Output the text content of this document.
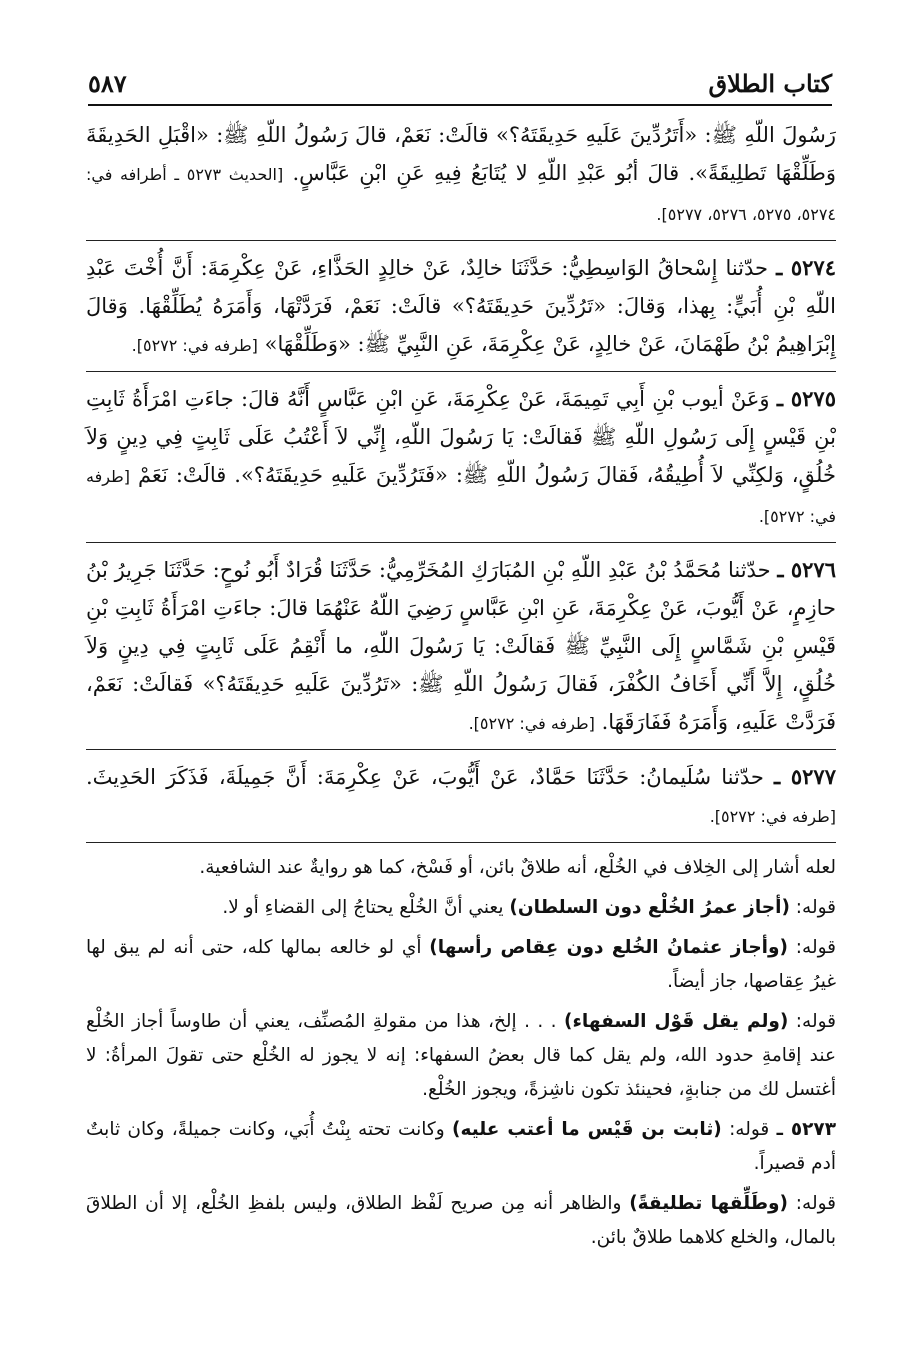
كتاب الطلاق
٥٨٧

رَسُولَ اللّهِ ﷺ: «أَتَرُدِّينَ عَلَيهِ حَدِيقَتَهُ؟» قالَتْ: نَعَمْ، قالَ رَسُولُ اللّهِ ﷺ: «اقْبَلِ الحَدِيقَةَ وَطَلِّقْهَا تَطلِيقَةً». قالَ أبُو عَبْدِ اللّهِ لا يُتَابَعُ فِيهِ عَنِ ابْنِ عَبَّاسٍ. [الحديث ٥٢٧٣ ـ أطرافه في: ٥٢٧٤، ٥٢٧٥، ٥٢٧٦، ٥٢٧٧].

٥٢٧٤ ـ حدّثنا إِسْحاقُ الوَاسِطِيُّ: حَدَّثَنَا خالِدٌ، عَنْ خالِدٍ الحَذَّاءِ، عَنْ عِكْرِمَةَ: أَنَّ أُخْتَ عَبْدِ اللّهِ بْنِ أُبَيٍّ: بِهذا، وَقالَ: «تَرُدِّينَ حَدِيقَتَهُ؟» قالَتْ: نَعَمْ، فَرَدَّتْهَا، وَأَمَرَهُ يُطَلِّقْهَا. وَقالَ إِبْرَاهِيمُ بْنُ طَهْمَانَ، عَنْ خالِدٍ، عَنْ عِكْرِمَةَ، عَنِ النَّبِيِّ ﷺ: «وَطَلِّقْهَا» [طرفه في: ٥٢٧٢].

٥٢٧٥ ـ وَعَنْ أيوب بْنِ أَبِي تَمِيمَةَ، عَنْ عِكْرِمَةَ، عَنِ ابْنِ عَبَّاسٍ أَنَّهُ قالَ: جاءَتِ امْرَأَةُ ثَابِتِ بْنِ قَيْسٍ إِلَى رَسُولِ اللّهِ ﷺ فَقالَتْ: يَا رَسُولَ اللّهِ، إِنِّي لاَ أَعْتُبُ عَلَى ثَابِتٍ فِي دِينٍ وَلاَ خُلُقٍ، وَلكِنِّي لاَ أُطِيقُهُ، فَقالَ رَسُولُ اللّهِ ﷺ: «فَتَرُدِّينَ عَلَيهِ حَدِيقَتَهُ؟». قالَتْ: نَعَمْ [طرفه في: ٥٢٧٢].

٥٢٧٦ ـ حدّثنا مُحَمَّدُ بْنُ عَبْدِ اللّهِ بْنِ المُبَارَكِ المُخَرِّمِيُّ: حَدَّثَنَا قُرَادٌ أَبُو نُوحٍ: حَدَّثَنَا جَرِيرُ بْنُ حازِمٍ، عَنْ أَيُّوبَ، عَنْ عِكْرِمَةَ، عَنِ ابْنِ عَبَّاسٍ رَضِيَ اللّهُ عَنْهُمَا قالَ: جاءَتِ امْرَأَةُ ثَابِتِ بْنِ قَيْسِ بْنِ شَمَّاسٍ إِلَى النَّبِيِّ ﷺ فَقالَتْ: يَا رَسُولَ اللّهِ، ما أَنْقِمُ عَلَى ثَابِتٍ فِي دِينٍ وَلاَ خُلُقٍ، إِلاَّ أَنِّي أَخَافُ الكُفْرَ، فَقالَ رَسُولُ اللّهِ ﷺ: «تَرُدِّينَ عَلَيهِ حَدِيقَتَهُ؟» فَقالَتْ: نَعَمْ، فَرَدَّتْ عَلَيهِ، وَأَمَرَهُ فَفَارَقَهَا. [طرفه في: ٥٢٧٢].

٥٢٧٧ ـ حدّثنا سُلَيمانُ: حَدَّثَنَا حَمَّادٌ، عَنْ أَيُّوبَ، عَنْ عِكْرِمَةَ: أَنَّ جَمِيلَةَ، فَذَكَرَ الحَدِيثَ. [طرفه في: ٥٢٧٢].

لعله أشار إلى الخِلاف في الخُلْع، أنه طلاقٌ بائن، أو فَسْخ، كما هو روايةٌ عند الشافعية.

قوله: (أجاز عمرُ الخُلْع دون السلطان) يعني أنَّ الخُلْع يحتاجُ إلى القضاءِ أو لا.

قوله: (وأجاز عثمانُ الخُلع دون عِقاص رأسها) أي لو خالعه بمالها كله، حتى أنه لم يبق لها غيرُ عِقاصها، جاز أيضاً.

قوله: (ولم يقل قَوْل السفهاء) . . . إلخ، هذا من مقولةِ المُصنِّف، يعني أن طاوساً أجاز الخُلْع عند إقامةِ حدود الله، ولم يقل كما قال بعضُ السفهاء: إنه لا يجوز له الخُلْع حتى تقولَ المرأةُ: لا أغتسل لك من جنابةٍ، فحينئذ تكون ناشِزةً، ويجوز الخُلْع.

٥٢٧٣ ـ قوله: (ثابت بن قَيْس ما أعتب عليه) وكانت تحته بِنْتُ أُبَي، وكانت جميلةً، وكان ثابتٌ أدم قصيراً.

قوله: (وطَلِّقها تطليقةً) والظاهر أنه مِن صريح لَفْظ الطلاق، وليس بلفظِ الخُلْع، إلا أن الطلاقَ بالمال، والخلع كلاهما طلاقٌ بائن.
